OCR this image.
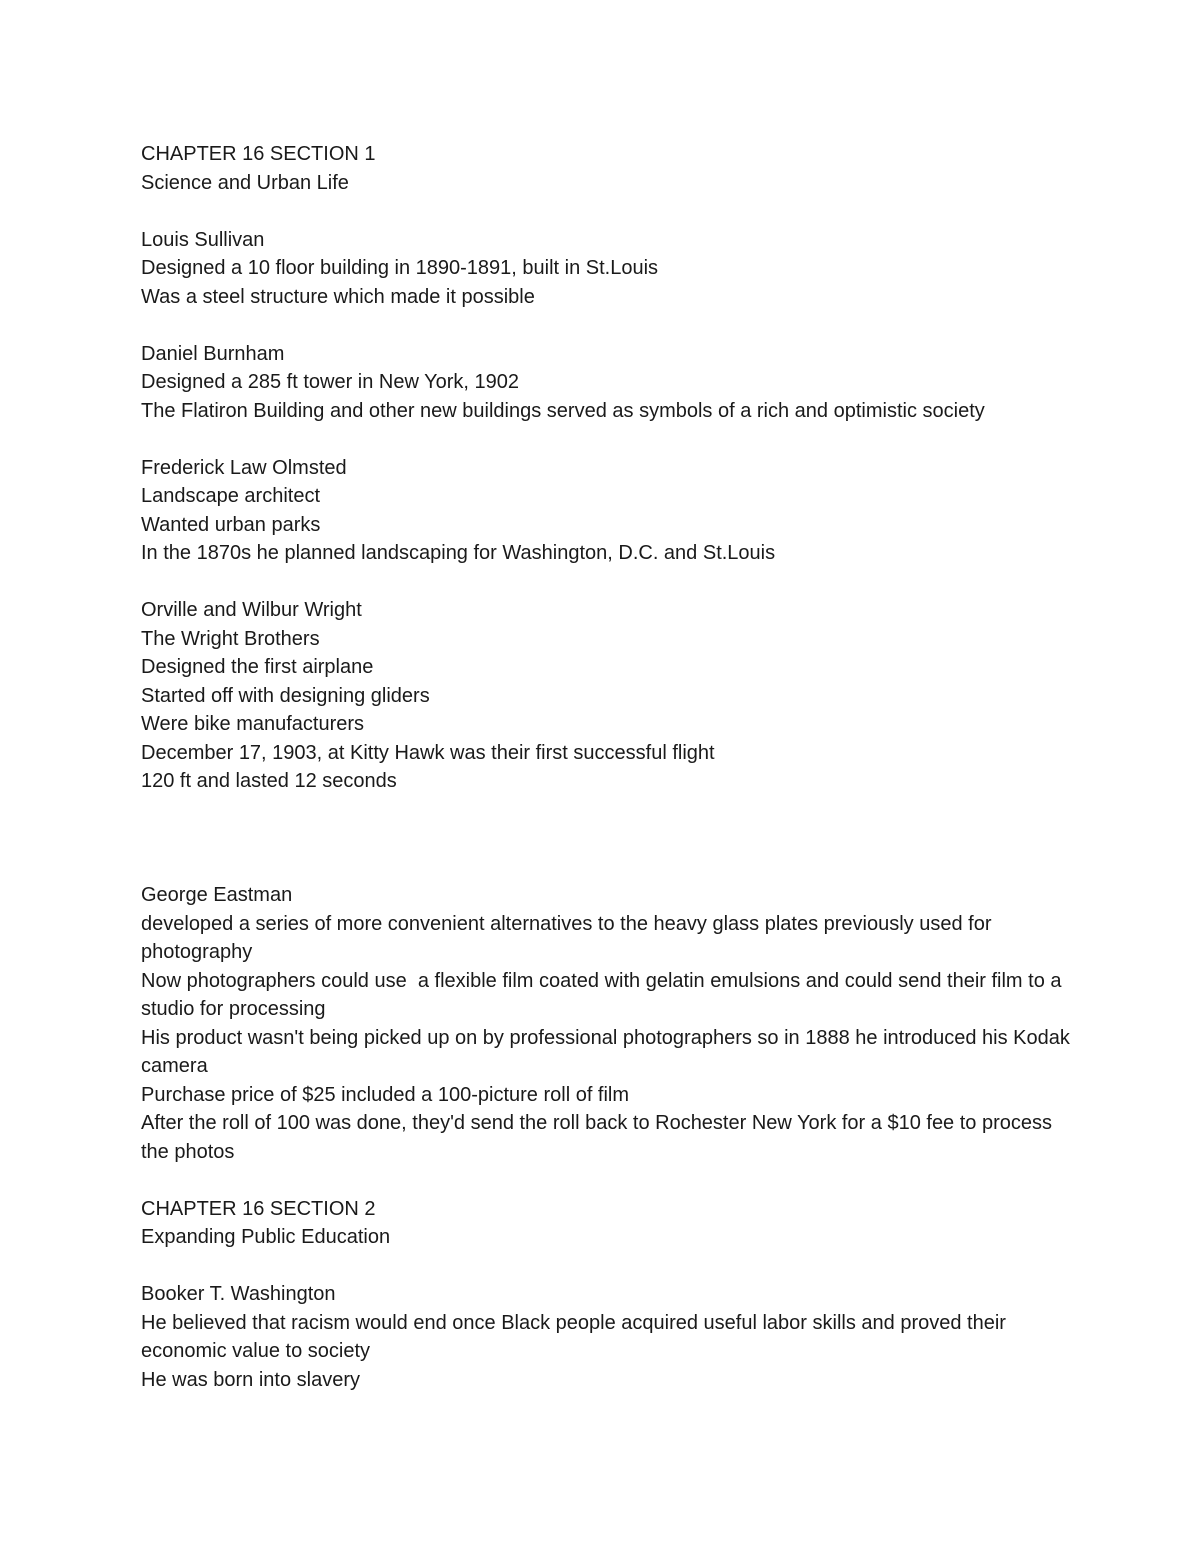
CHAPTER 16 SECTION 1
Science and Urban Life
Louis Sullivan
Designed a 10 floor building in 1890-1891, built in St.Louis
Was a steel structure which made it possible
Daniel Burnham
Designed a 285 ft tower in New York, 1902
The Flatiron Building and other new buildings served as symbols of a rich and optimistic society
Frederick Law Olmsted
Landscape architect
Wanted urban parks
In the 1870s he planned landscaping for Washington, D.C. and St.Louis
Orville and Wilbur Wright
The Wright Brothers
Designed the first airplane
Started off with designing gliders
Were bike manufacturers
December 17, 1903, at Kitty Hawk was their first successful flight
120 ft and lasted 12 seconds
George Eastman
developed a series of more convenient alternatives to the heavy glass plates previously used for photography
Now photographers could use  a flexible film coated with gelatin emulsions and could send their film to a studio for processing
His product wasn't being picked up on by professional photographers so in 1888 he introduced his Kodak camera
Purchase price of $25 included a 100-picture roll of film
After the roll of 100 was done, they'd send the roll back to Rochester New York for a $10 fee to process the photos
CHAPTER 16 SECTION 2
Expanding Public Education
Booker T. Washington
He believed that racism would end once Black people acquired useful labor skills and proved their economic value to society
He was born into slavery
